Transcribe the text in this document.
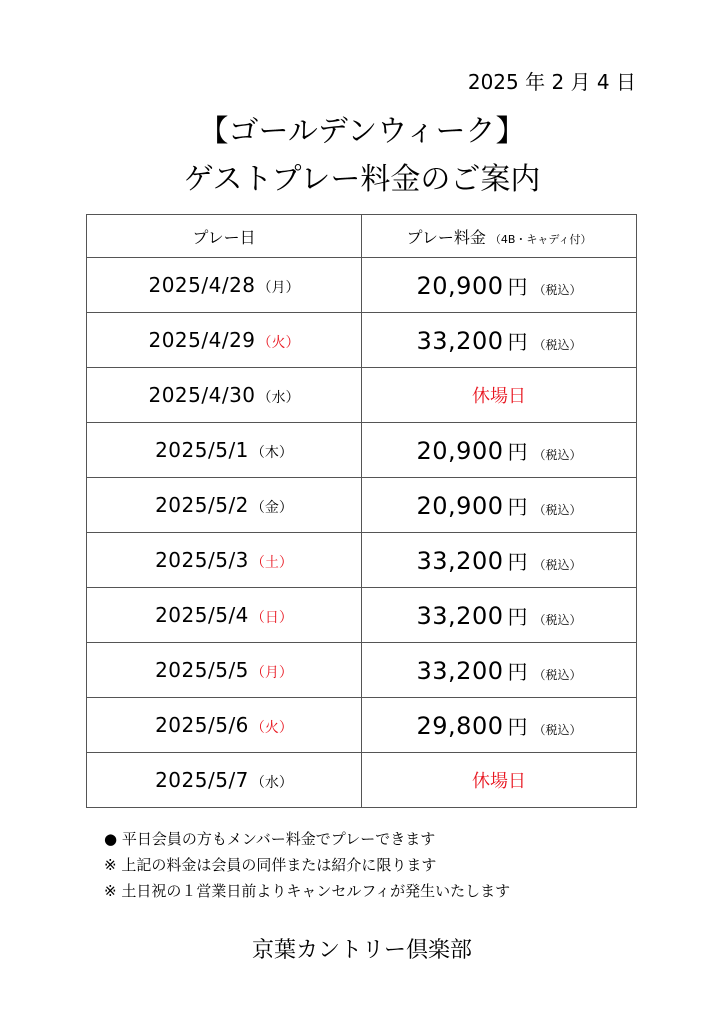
2025 年 2 月 4 日
【ゴールデンウィーク】
ゲストプレー料金のご案内
プレー日	プレー料金 （4B・キャディ付）
2025/4/28 （月）	20,900 円 （税込）
2025/4/29 （火）	33,200 円 （税込）
2025/4/30 （水）	休場日
2025/5/1 （木）	20,900 円 （税込）
2025/5/2 （金）	20,900 円 （税込）
2025/5/3 （土）	33,200 円 （税込）
2025/5/4 （日）	33,200 円 （税込）
2025/5/5 （月）	33,200 円 （税込）
2025/5/6 （火）	29,800 円 （税込）
2025/5/7 （水）	休場日
● 平日会員の方もメンバー料金でプレーできます
※ 上記の料金は会員の同伴または紹介に限ります
※ 土日祝の１営業日前よりキャンセルフィが発生いたします
京葉カントリー倶楽部
